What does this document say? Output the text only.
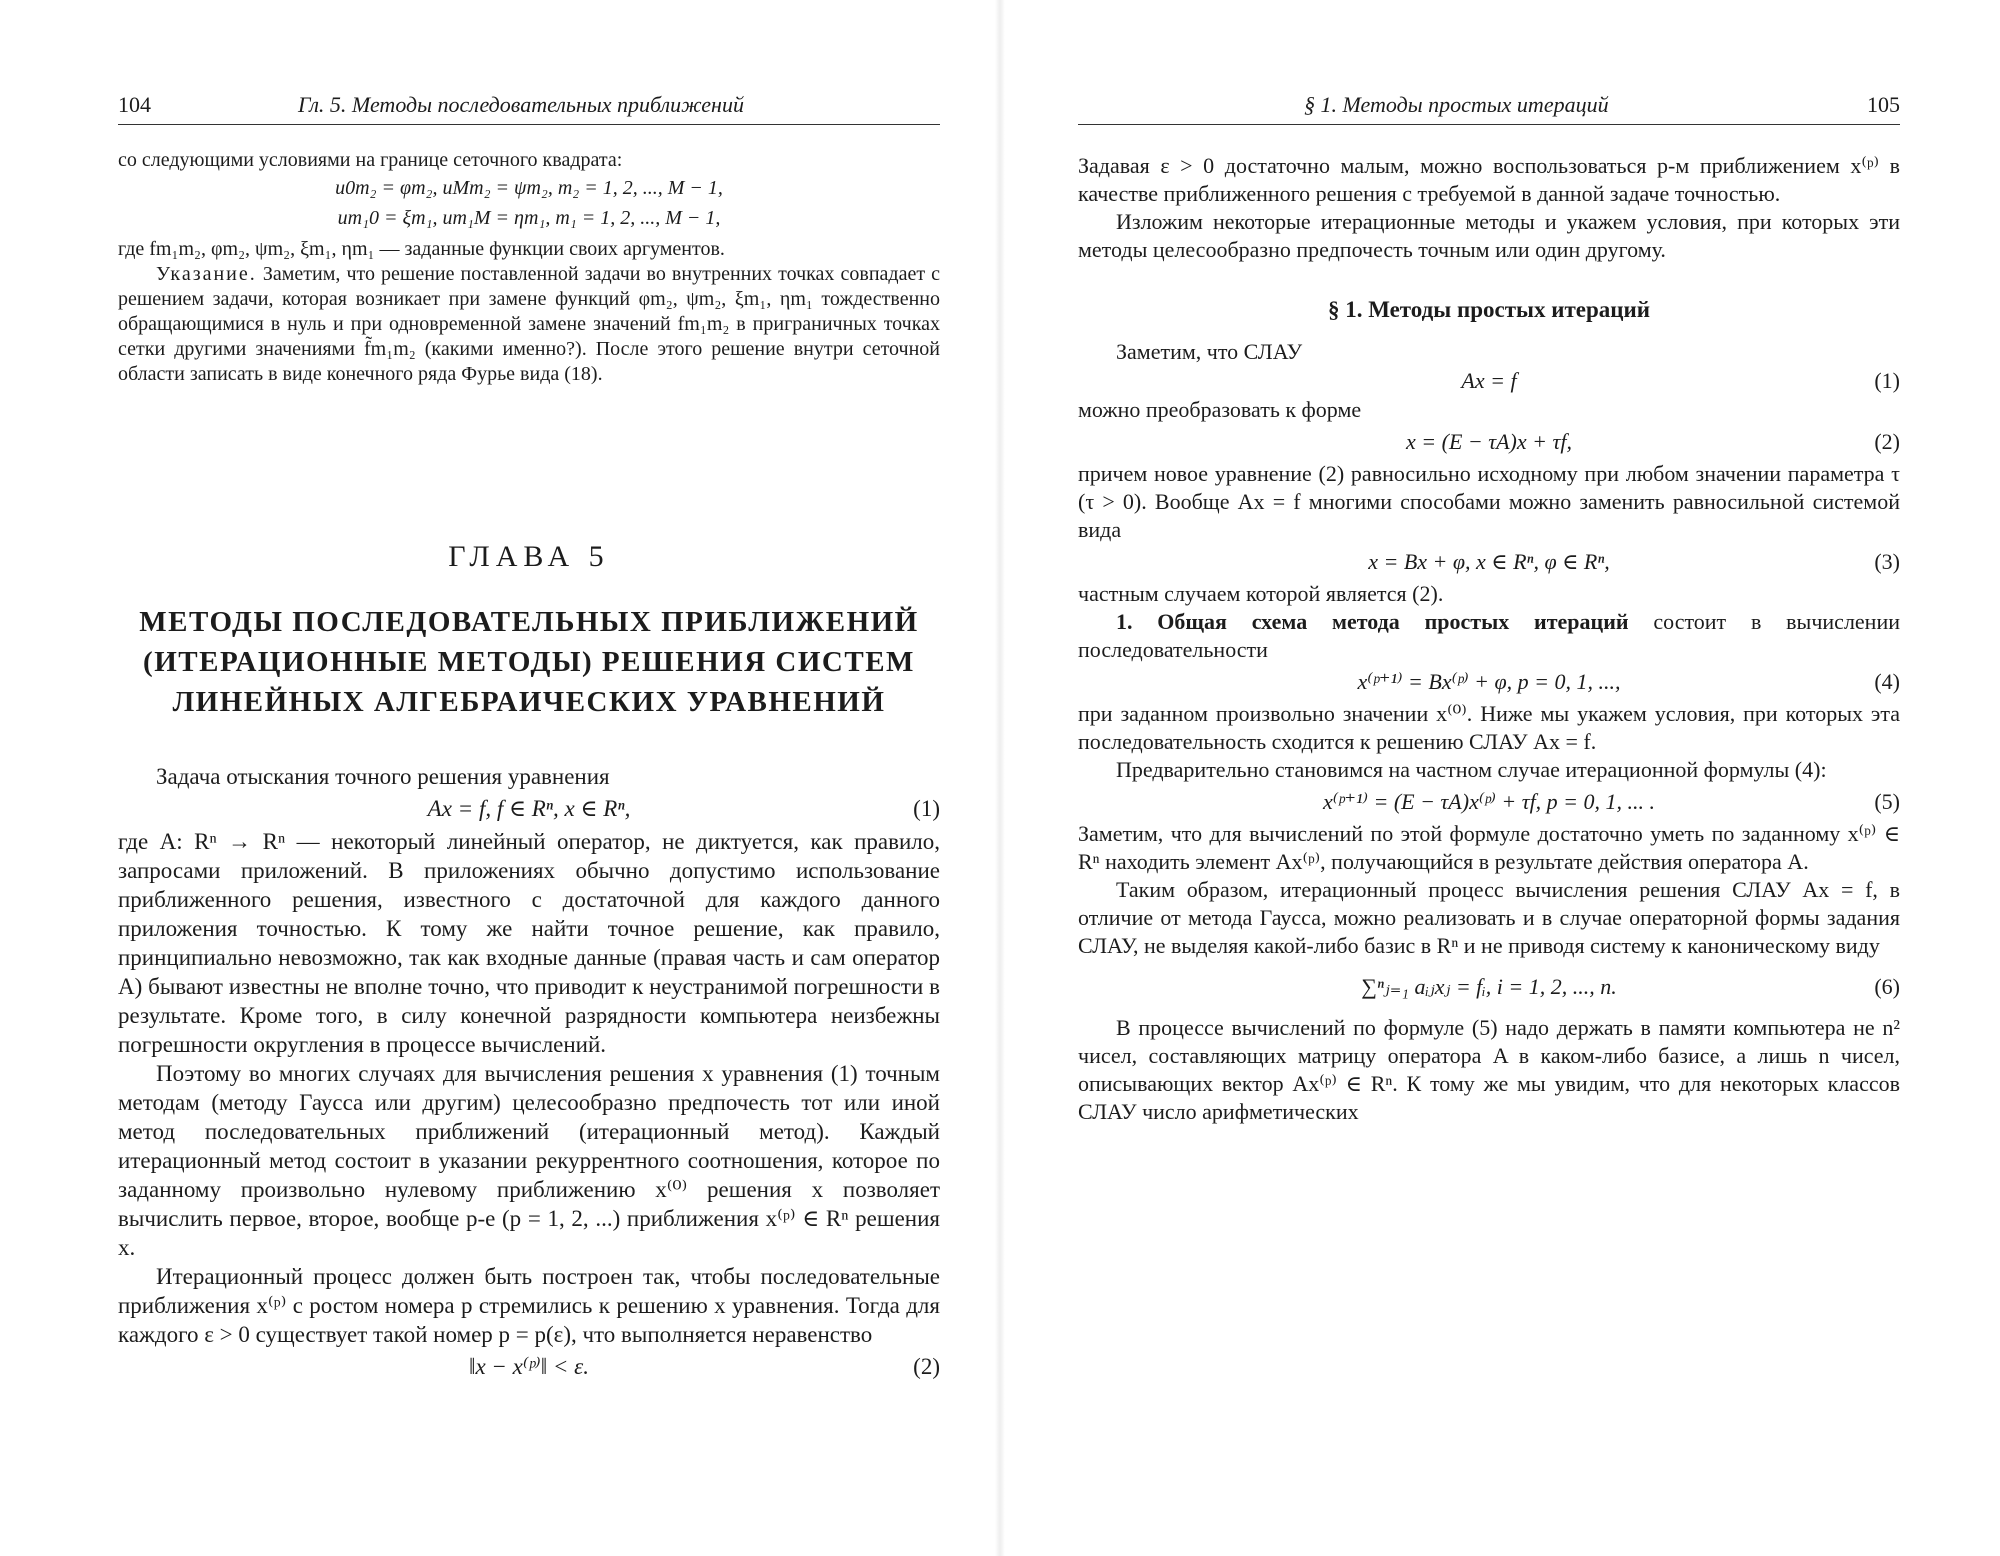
104	Гл. 5. Методы последовательных приближений

со следующими условиями на границе сеточного квадрата:

u0m₂ = φm₂, uMm₂ = ψm₂, m₂ = 1, 2, ..., M − 1,

um₁0 = ξm₁, um₁M = ηm₁, m₁ = 1, 2, ..., M − 1,

где fm₁m₂, φm₂, ψm₂, ξm₁, ηm₁ — заданные функции своих аргументов.

Указание. Заметим, что решение поставленной задачи во внутренних точках совпадает с решением задачи, которая возникает при замене функций φm₂, ψm₂, ξm₁, ηm₁ тождественно обращающимися в нуль и при одновременной замене значений fm₁m₂ в приграничных точках сетки другими значениями f̃m₁m₂ (какими именно?). После этого решение внутри сеточной области записать в виде конечного ряда Фурье вида (18).

ГЛАВА 5

МЕТОДЫ ПОСЛЕДОВАТЕЛЬНЫХ ПРИБЛИЖЕНИЙ

(ИТЕРАЦИОННЫЕ МЕТОДЫ) РЕШЕНИЯ СИСТЕМ

ЛИНЕЙНЫХ АЛГЕБРАИЧЕСКИХ УРАВНЕНИЙ

Задача отыскания точного решения уравнения

Ax = f, f ∈ Rⁿ, x ∈ Rⁿ,	(1)

где A: Rⁿ → Rⁿ — некоторый линейный оператор, не диктуется, как правило, запросами приложений. В приложениях обычно допустимо использование приближенного решения, известного с достаточной для каждого данного приложения точностью. К тому же найти точное решение, как правило, принципиально невозможно, так как входные данные (правая часть и сам оператор A) бывают известны не вполне точно, что приводит к неустранимой погрешности в результате. Кроме того, в силу конечной разрядности компьютера неизбежны погрешности округления в процессе вычислений.

Поэтому во многих случаях для вычисления решения x уравнения (1) точным методам (методу Гаусса или другим) целесообразно предпочесть тот или иной метод последовательных приближений (итерационный метод). Каждый итерационный метод состоит в указании рекуррентного соотношения, которое по заданному произвольно нулевому приближению x⁽⁰⁾ решения x позволяет вычислить первое, второе, вообще p-е (p = 1, 2, ...) приближения x⁽ᵖ⁾ ∈ Rⁿ решения x.

Итерационный процесс должен быть построен так, чтобы последовательные приближения x⁽ᵖ⁾ с ростом номера p стремились к решению x уравнения. Тогда для каждого ε > 0 существует такой номер p = p(ε), что выполняется неравенство

‖x − x⁽ᵖ⁾‖ < ε.	(2)

§ 1. Методы простых итераций	105

Задавая ε > 0 достаточно малым, можно воспользоваться p-м приближением x⁽ᵖ⁾ в качестве приближенного решения с требуемой в данной задаче точностью.

Изложим некоторые итерационные методы и укажем условия, при которых эти методы целесообразно предпочесть точным или один другому.

§ 1. Методы простых итераций

Заметим, что СЛАУ

Ax = f	(1)

можно преобразовать к форме

x = (E − τA)x + τf,	(2)

причем новое уравнение (2) равносильно исходному при любом значении параметра τ (τ > 0). Вообще Ax = f многими способами можно заменить равносильной системой вида

x = Bx + φ, x ∈ Rⁿ, φ ∈ Rⁿ,	(3)

частным случаем которой является (2).

1. Общая схема метода простых итераций состоит в вычислении последовательности

x⁽ᵖ⁺¹⁾ = Bx⁽ᵖ⁾ + φ, p = 0, 1, ...,	(4)

при заданном произвольно значении x⁽⁰⁾. Ниже мы укажем условия, при которых эта последовательность сходится к решению СЛАУ Ax = f.

Предварительно становимся на частном случае итерационной формулы (4):

x⁽ᵖ⁺¹⁾ = (E − τA)x⁽ᵖ⁾ + τf, p = 0, 1, ... .	(5)

Заметим, что для вычислений по этой формуле достаточно уметь по заданному x⁽ᵖ⁾ ∈ Rⁿ находить элемент Ax⁽ᵖ⁾, получающийся в результате действия оператора A.

Таким образом, итерационный процесс вычисления решения СЛАУ Ax = f, в отличие от метода Гаусса, можно реализовать и в случае операторной формы задания СЛАУ, не выделяя какой-либо базис в Rⁿ и не приводя систему к каноническому виду

∑ⁿⱼ₌₁ aᵢⱼxⱼ = fᵢ, i = 1, 2, ..., n.	(6)

В процессе вычислений по формуле (5) надо держать в памяти компьютера не n² чисел, составляющих матрицу оператора A в каком-либо базисе, а лишь n чисел, описывающих вектор Ax⁽ᵖ⁾ ∈ Rⁿ. К тому же мы увидим, что для некоторых классов СЛАУ число арифметических
